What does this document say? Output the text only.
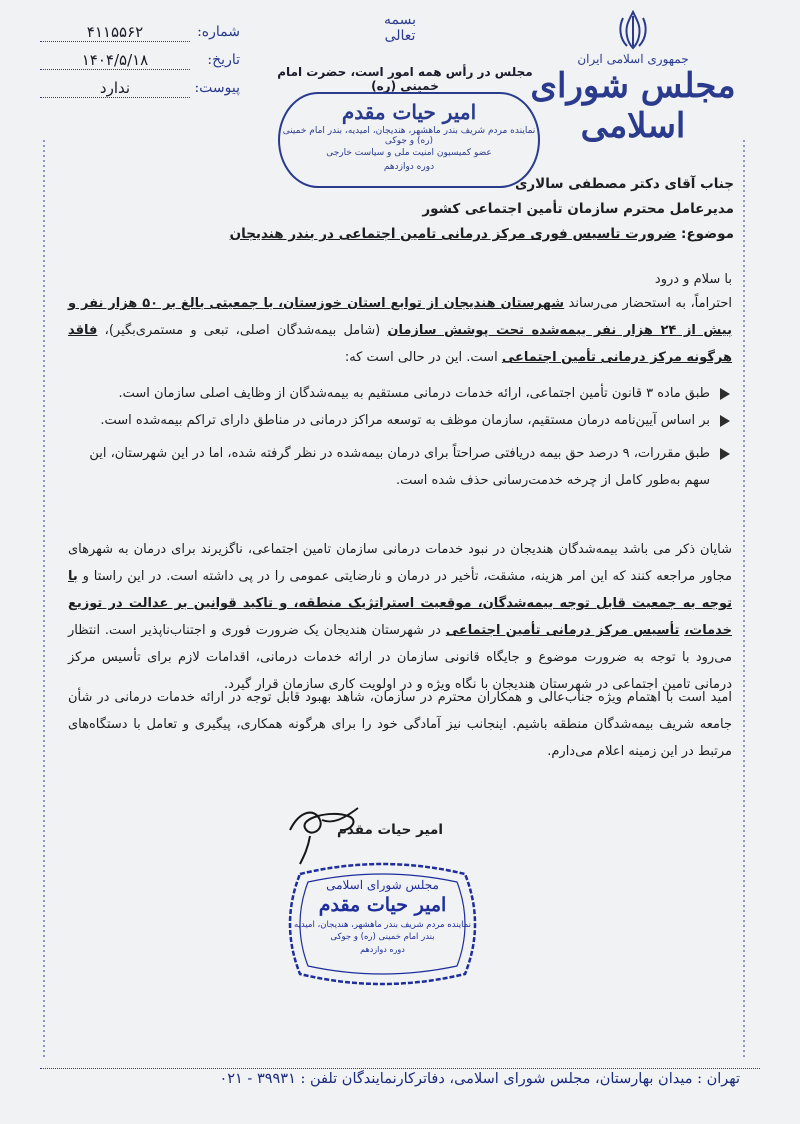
جمهوری اسلامی ایران
مجلس شورای اسلامی
بسمه تعالی
مجلس در رأس همه امور است، حضرت امام خمینی (ره)
امیر حیات مقدم
نماینده مردم شریف بندر ماهشهر، هندیجان، امیدیه، بندر امام خمینی (ره) و جوکی
عضو کمیسیون امنیت ملی و سیاست خارجی
دوره دوازدهم
شماره:
۴۱۱۵۵۶۲
تاریخ:
۱۴۰۴/۵/۱۸
پیوست:
ندارد
جناب آقای دکتر مصطفی سالاری
مدیرعامل محترم سازمان تأمین اجتماعی کشور
موضوع: ضرورت تاسیس فوری مرکز درمانی تامین اجتماعی در بندر هندیجان
با سلام و درود
احتراماً، به استحضار می‌رساند شهرستان هندیجان از توابع استان خوزستان، با جمعیتی بالغ بر ۵۰ هزار نفر و بیش از ۲۴ هزار نفر بیمه‌شده تحت پوشش سازمان (شامل بیمه‌شدگان اصلی، تبعی و مستمری‌بگیر)، فاقد هرگونه مرکز درمانی تأمین اجتماعی است. این در حالی است که:
طبق ماده ۳ قانون تأمین اجتماعی، ارائه خدمات درمانی مستقیم به بیمه‌شدگان از وظایف اصلی سازمان است.
بر اساس آیین‌نامه درمان مستقیم، سازمان موظف به توسعه مراکز درمانی در مناطق دارای تراکم بیمه‌شده است.
طبق مقررات، ۹ درصد حق بیمه دریافتی صراحتاً برای درمان بیمه‌شده در نظر گرفته شده، اما در این شهرستان، این سهم به‌طور کامل از چرخه خدمت‌رسانی حذف شده است.
شایان ذکر می باشد بیمه‌شدگان هندیجان در نبود خدمات درمانی سازمان تامین اجتماعی، ناگزیرند برای درمان به شهرهای مجاور مراجعه کنند که این امر هزینه، مشقت، تأخیر در درمان و نارضایتی عمومی را در پی داشته است. در این راستا و با توجه به جمعیت قابل توجه بیمه‌شدگان، موقعیت استراتژیک منطقه، و تاکید قوانین بر عدالت در توزیع خدمات، تأسیس مرکز درمانی تأمین اجتماعی در شهرستان هندیجان یک ضرورت فوری و اجتناب‌ناپذیر است. انتظار می‌رود با توجه به ضرورت موضوع و جایگاه قانونی سازمان در ارائه خدمات درمانی، اقدامات لازم برای تأسیس مرکز درمانی تامین اجتماعی در شهرستان هندیجان با نگاه ویژه و در اولویت کاری سازمان قرار گیرد.
امید است با اهتمام ویژه جناب‌عالی و همکاران محترم در سازمان، شاهد بهبود قابل توجه در ارائه خدمات درمانی در شأن جامعه شریف بیمه‌شدگان منطقه باشیم. اینجانب نیز آمادگی خود را برای هرگونه همکاری، پیگیری و تعامل با دستگاه‌های مرتبط در این زمینه اعلام می‌دارم.
امیر حیات مقدم
مجلس شورای اسلامی
امیر حیات مقدم
نماینده مردم شریف بندر ماهشهر، هندیجان، امیدیه
بندر امام خمینی (ره) و جوکی
دوره دوازدهم
تهران : میدان بهارستان، مجلس شورای اسلامی، دفاترکارنمایندگان تلفن : ۳۹۹۳۱ - ۰۲۱
